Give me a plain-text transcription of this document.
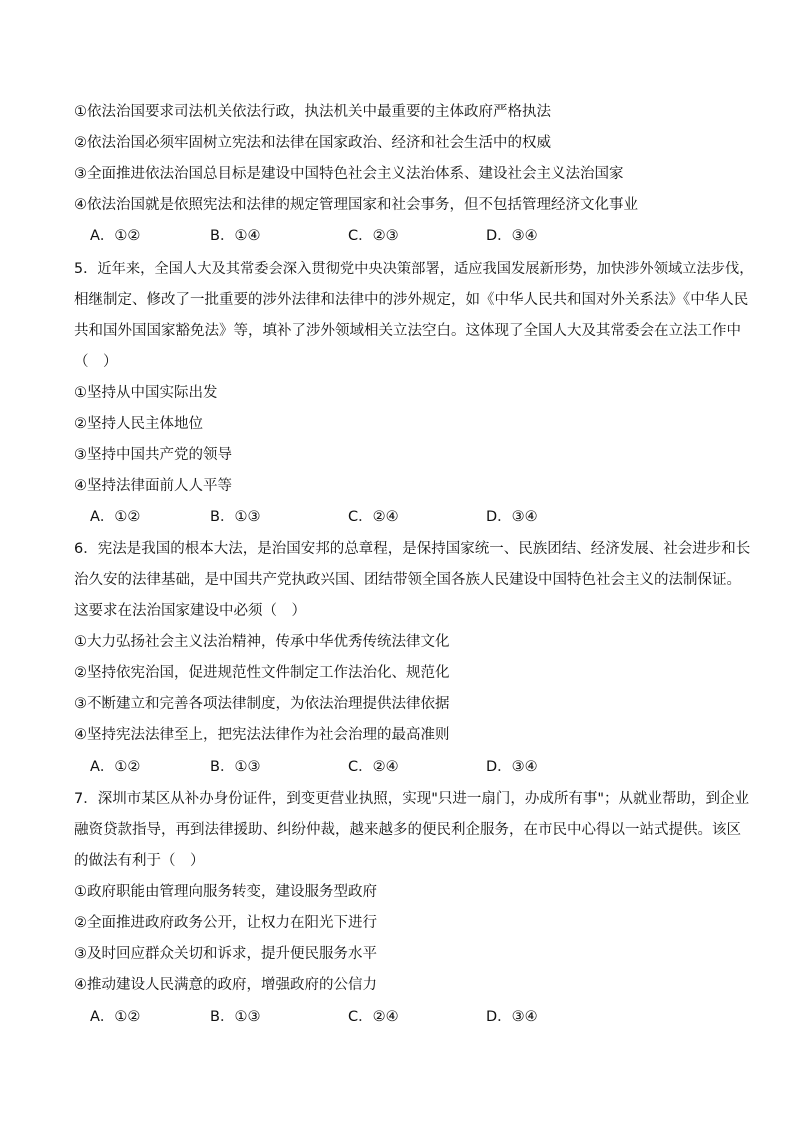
①依法治国要求司法机关依法行政，执法机关中最重要的主体政府严格执法
②依法治国必须牢固树立宪法和法律在国家政治、经济和社会生活中的权威
③全面推进依法治国总目标是建设中国特色社会主义法治体系、建设社会主义法治国家
④依法治国就是依照宪法和法律的规定管理国家和社会事务，但不包括管理经济文化事业
A．①②	B．①④	C．②③	D．③④
5．近年来，全国人大及其常委会深入贯彻党中央决策部署，适应我国发展新形势，加快涉外领域立法步伐，
相继制定、修改了一批重要的涉外法律和法律中的涉外规定，如《中华人民共和国对外关系法》《中华人民
共和国外国国家豁免法》等，填补了涉外领域相关立法空白。这体现了全国人大及其常委会在立法工作中
（　）
①坚持从中国实际出发
②坚持人民主体地位
③坚持中国共产党的领导
④坚持法律面前人人平等
A．①②	B．①③	C．②④	D．③④
6．宪法是我国的根本大法，是治国安邦的总章程，是保持国家统一、民族团结、经济发展、社会进步和长
治久安的法律基础，是中国共产党执政兴国、团结带领全国各族人民建设中国特色社会主义的法制保证。
这要求在法治国家建设中必须（　）
①大力弘扬社会主义法治精神，传承中华优秀传统法律文化
②坚持依宪治国，促进规范性文件制定工作法治化、规范化
③不断建立和完善各项法律制度，为依法治理提供法律依据
④坚持宪法法律至上，把宪法法律作为社会治理的最高准则
A．①②	B．①③	C．②④	D．③④
7．深圳市某区从补办身份证件，到变更营业执照，实现"只进一扇门，办成所有事"；从就业帮助，到企业
融资贷款指导，再到法律援助、纠纷仲裁，越来越多的便民利企服务，在市民中心得以一站式提供。该区
的做法有利于（　）
①政府职能由管理向服务转变，建设服务型政府
②全面推进政府政务公开，让权力在阳光下进行
③及时回应群众关切和诉求，提升便民服务水平
④推动建设人民满意的政府，增强政府的公信力
A．①②	B．①③	C．②④	D．③④
